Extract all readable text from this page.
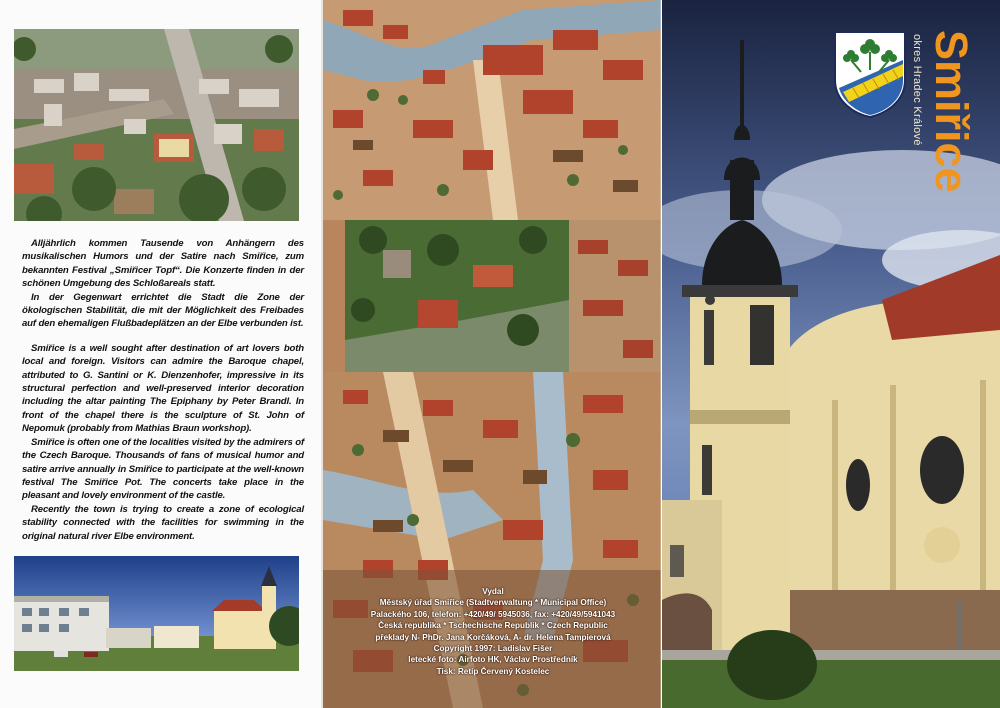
Alljährlich kommen Tausende von Anhängern des musikalischen Humors und der Satire nach Smiřice, zum bekannten Festival „Smiřicer Topf“. Die Konzerte finden in der schönen Umgebung des Schloßareals statt.

In der Gegenwart errichtet die Stadt die Zone der ökologischen Stabilität, die mit der Möglichkeit des Freibades auf den ehemaligen Flußbadeplätzen an der Elbe verbunden ist.

Smiřice is a well sought after destination of art lovers both local and foreign. Visitors can admire the Baroque chapel, attributed to G. Santini or K. Dienzenhofer, impressive in its structural perfection and well-preserved interior decoration including the altar painting The Epiphany by Peter Brandl. In front of the chapel there is the sculpture of St. John of Nepomuk (probably from Mathias Braun workshop).

Smiřice is often one of the localities visited by the admirers of the Czech Baroque. Thousands of fans of musical humor and satire arrive annually in Smiřice to participate at the well-known festival The Smiřice Pot. The concerts take place in the pleasant and lovely environment of the castle.

Recently the town is trying to create a zone of ecological stability connected with the facilities for swimming in the original natural river Elbe environment.

Vydal
Městský úřad Smiřice (Stadtverwaltung * Municipal Office)
Palackého 106, telefon: +420/49/ 5945036, fax: +420/49/5941043
Česká republika * Tschechische Republik * Czech Republic
překlady N- PhDr. Jana Korčáková, A- dr. Helena Tampierová
Copyright 1997: Ladislav Fišer
letecké foto: Airfoto HK, Václav Prostředník
Tisk: Retip Červený Kostelec
okres Hradec Králové Smiřice
